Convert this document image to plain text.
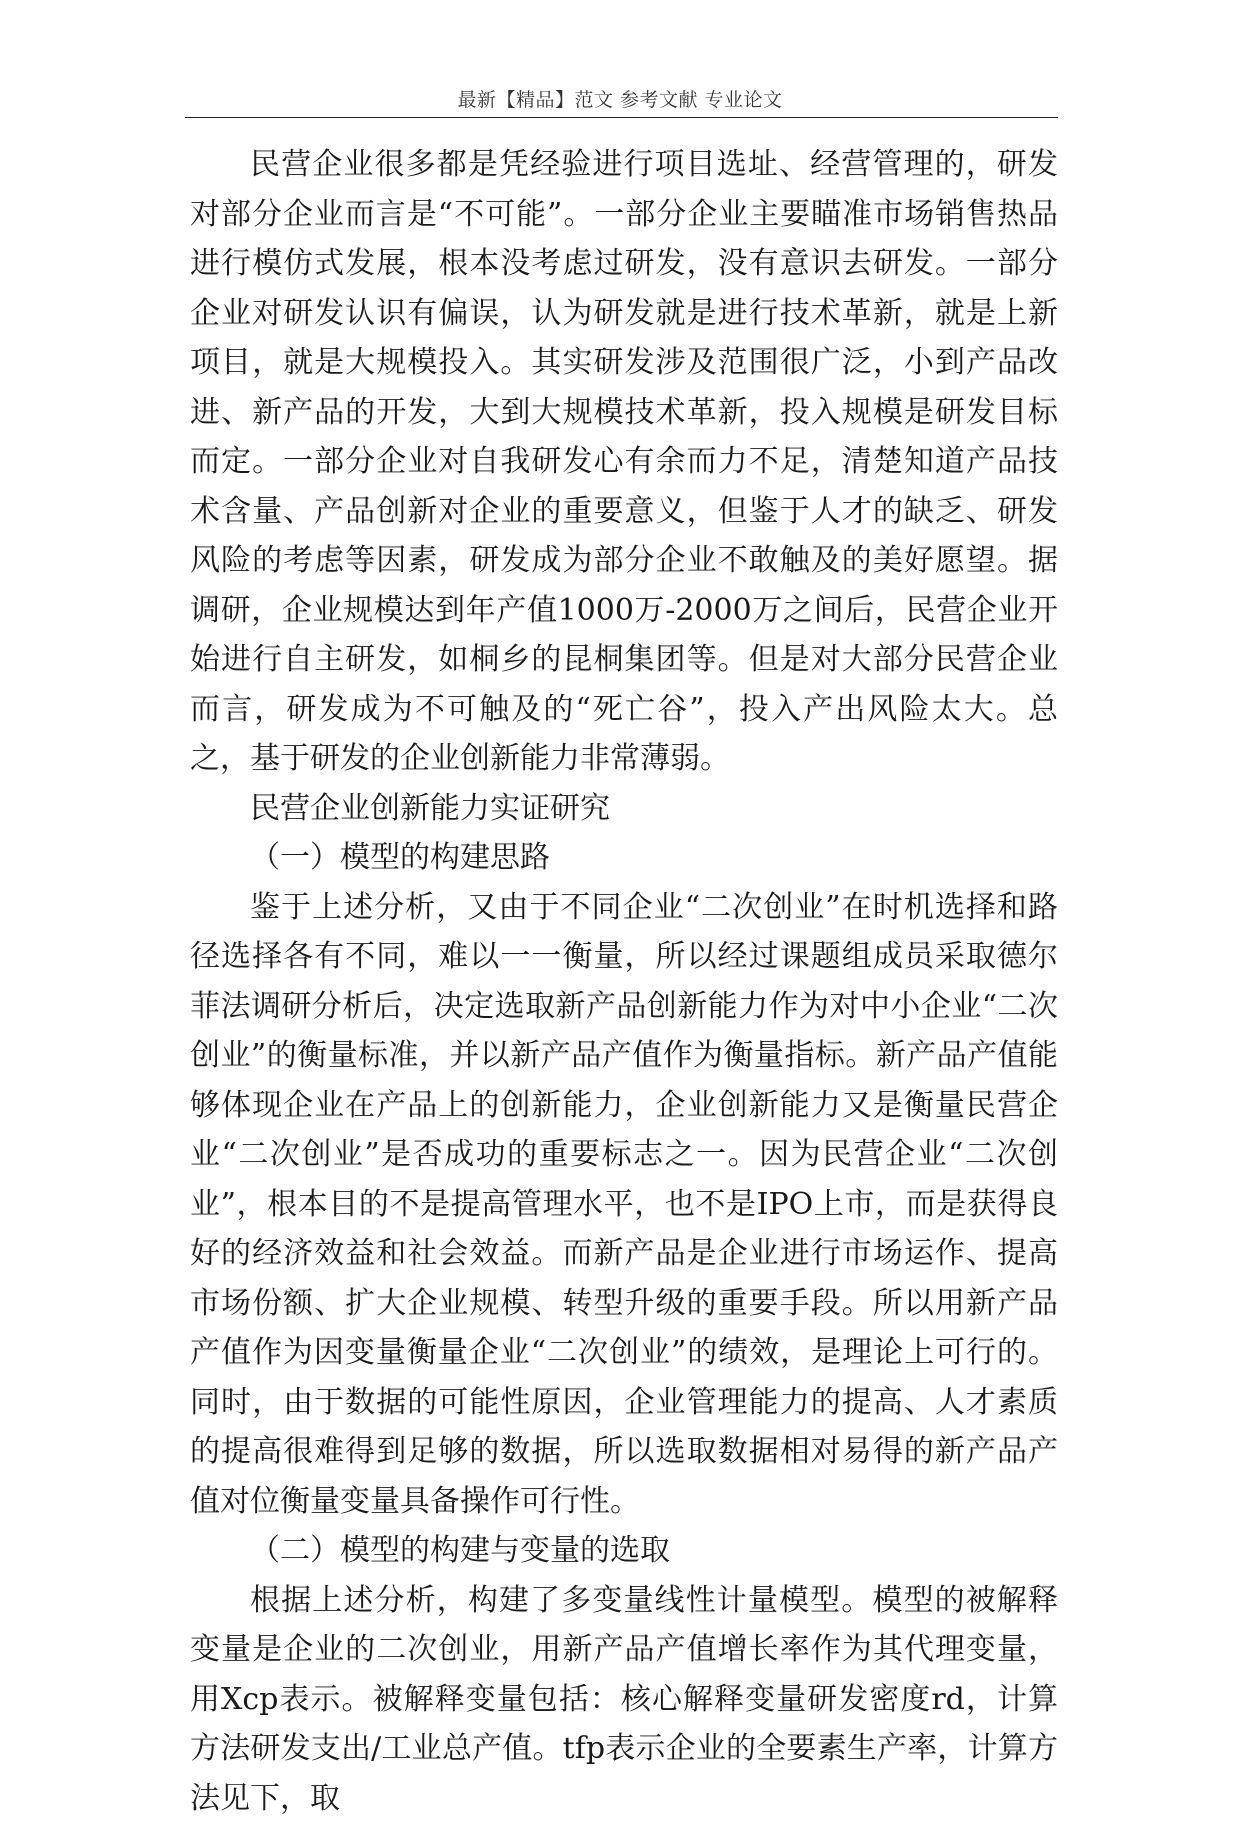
最新【精品】范文 参考文献 专业论文

民营企业很多都是凭经验进行项目选址、经营管理的，研发对部分企业而言是“不可能”。一部分企业主要瞄准市场销售热品进行模仿式发展，根本没考虑过研发，没有意识去研发。一部分企业对研发认识有偏误，认为研发就是进行技术革新，就是上新项目，就是大规模投入。其实研发涉及范围很广泛，小到产品改进、新产品的开发，大到大规模技术革新，投入规模是研发目标而定。一部分企业对自我研发心有余而力不足，清楚知道产品技术含量、产品创新对企业的重要意义，但鉴于人才的缺乏、研发风险的考虑等因素，研发成为部分企业不敢触及的美好愿望。据调研，企业规模达到年产值1000万-2000万之间后，民营企业开始进行自主研发，如桐乡的昆桐集团等。但是对大部分民营企业而言，研发成为不可触及的“死亡谷”，投入产出风险太大。总之，基于研发的企业创新能力非常薄弱。

民营企业创新能力实证研究

（一）模型的构建思路

鉴于上述分析，又由于不同企业“二次创业”在时机选择和路径选择各有不同，难以一一衡量，所以经过课题组成员采取德尔菲法调研分析后，决定选取新产品创新能力作为对中小企业“二次创业”的衡量标准，并以新产品产值作为衡量指标。新产品产值能够体现企业在产品上的创新能力，企业创新能力又是衡量民营企业“二次创业”是否成功的重要标志之一。因为民营企业“二次创业”，根本目的不是提高管理水平，也不是IPO上市，而是获得良好的经济效益和社会效益。而新产品是企业进行市场运作、提高市场份额、扩大企业规模、转型升级的重要手段。所以用新产品产值作为因变量衡量企业“二次创业”的绩效，是理论上可行的。同时，由于数据的可能性原因，企业管理能力的提高、人才素质的提高很难得到足够的数据，所以选取数据相对易得的新产品产值对位衡量变量具备操作可行性。

（二）模型的构建与变量的选取

根据上述分析，构建了多变量线性计量模型。模型的被解释变量是企业的二次创业，用新产品产值增长率作为其代理变量，用Xcp表示。被解释变量包括：核心解释变量研发密度rd，计算方法研发支出/工业总产值。tfp表示企业的全要素生产率，计算方法见下，取
